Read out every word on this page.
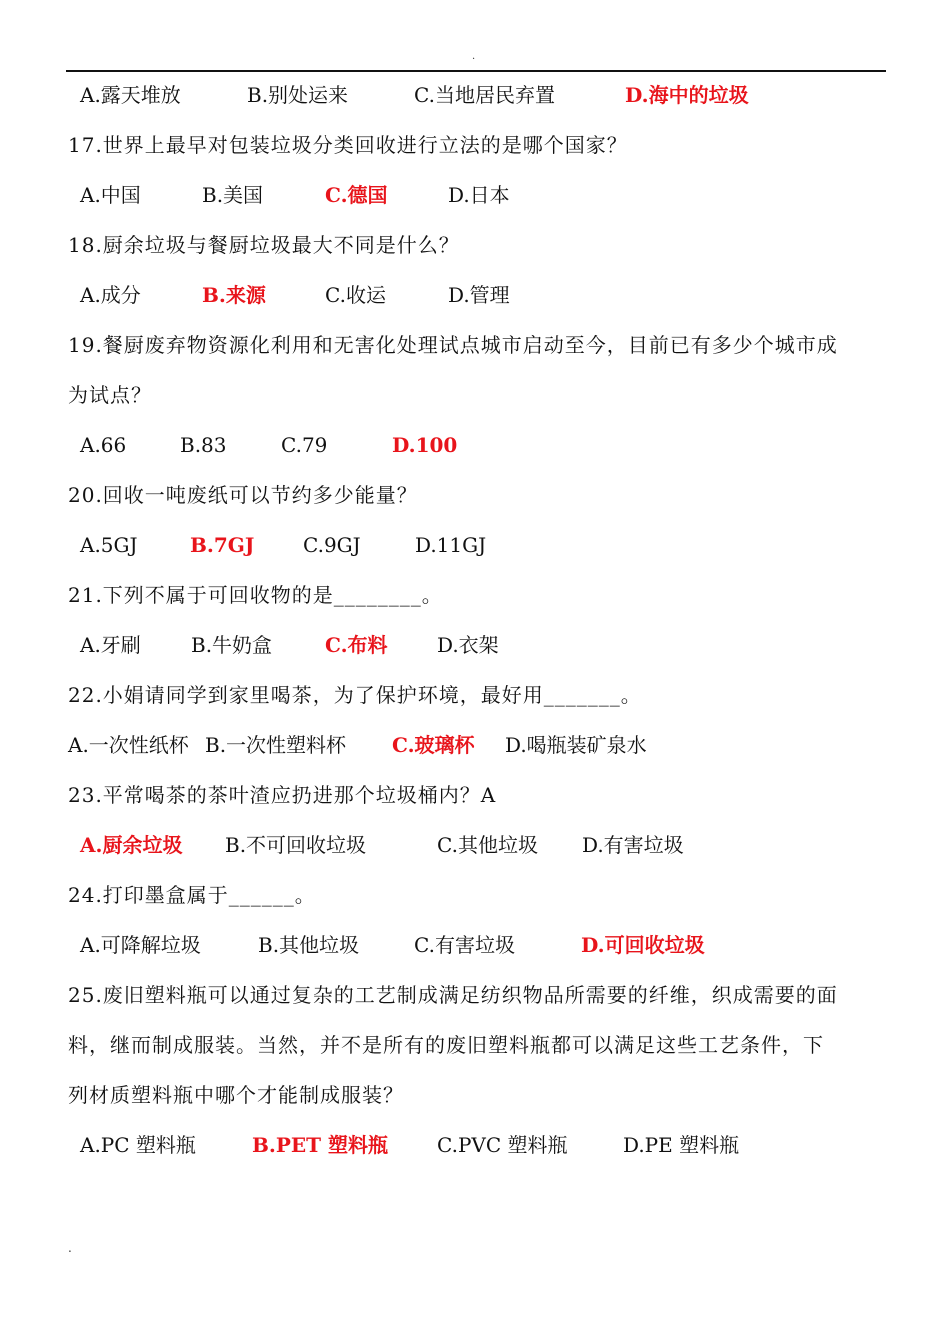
.
A.露天堆放	B.别处运来	C.当地居民弃置	D.海中的垃圾
17.世界上最早对包装垃圾分类回收进行立法的是哪个国家？
A.中国	B.美国	C.德国	D.日本
18.厨余垃圾与餐厨垃圾最大不同是什么？
A.成分	B.来源	C.收运	D.管理
19.餐厨废弃物资源化利用和无害化处理试点城市启动至今，目前已有多少个城市成
为试点？
A.66	B.83	C.79	D.100
20.回收一吨废纸可以节约多少能量？
A.5GJ	B.7GJ C.9GJ	D.11GJ
21.下列不属于可回收物的是________。
A.牙刷	B.牛奶盒	C.布料 D.衣架
22.小娟请同学到家里喝茶，为了保护环境，最好用_______。
A.一次性纸杯 B.一次性塑料杯 C.玻璃杯 D.喝瓶装矿泉水
23.平常喝茶的茶叶渣应扔进那个垃圾桶内？A
A.厨余垃圾 B.不可回收垃圾	C.其他垃圾 D.有害垃圾
24.打印墨盒属于______。
A.可降解垃圾	B.其他垃圾	C.有害垃圾	D.可回收垃圾
25.废旧塑料瓶可以通过复杂的工艺制成满足纺织物品所需要的纤维，织成需要的面
料，继而制成服装。当然，并不是所有的废旧塑料瓶都可以满足这些工艺条件，下
列材质塑料瓶中哪个才能制成服装？
A.PC 塑料瓶	B.PET 塑料瓶 C.PVC 塑料瓶	D.PE 塑料瓶
.
